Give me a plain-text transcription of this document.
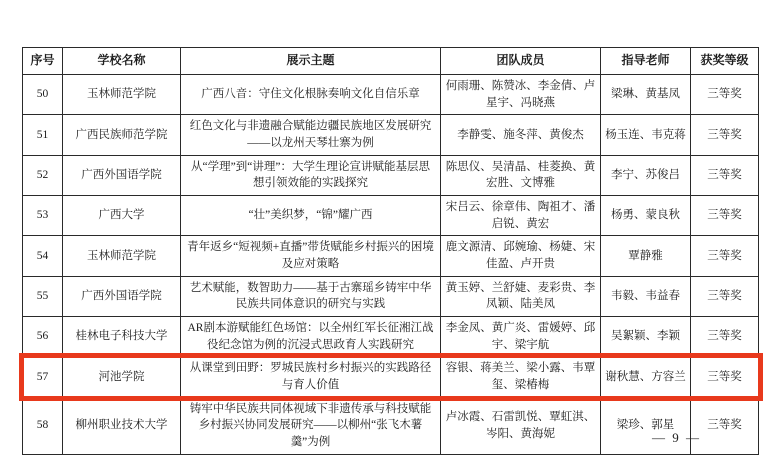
序号	学校名称	展示主题	团队成员	指导老师	获奖等级
50	玉林师范学院	广西八音：守住文化根脉奏响文化自信乐章	何雨珊、陈赞冰、李金倩、卢星宇、冯晓燕	梁琳、黄基凤	三等奖
51	广西民族师范学院	红色文化与非遗融合赋能边疆民族地区发展研究——以龙州天琴壮寨为例	李静雯、施冬萍、黄俊杰	杨玉连、韦克蒋	三等奖
52	广西外国语学院	从“学理”到“讲理”：大学生理论宣讲赋能基层思想引领效能的实践探究	陈思仪、吴清晶、桂菱换、黄宏胜、文博雅	李宁、苏俊吕	三等奖
53	广西大学	“壮”美织梦，“锦”耀广西	宋吕云、徐章伟、陶祖才、潘启锐、黄宏	杨勇、蒙良秋	三等奖
54	玉林师范学院	青年返乡“短视频+直播”带货赋能乡村振兴的困境及应对策略	鹿文源清、邱婉瑜、杨婕、宋佳盈、卢开贵	覃静雅	三等奖
55	广西外国语学院	艺术赋能，数智助力——基于古寨瑶乡铸牢中华民族共同体意识的研究与实践	黄玉婷、兰舒婕、麦彩贵、李凤颖、陆美凤	韦毅、韦益春	三等奖
56	桂林电子科技大学	AR剧本游赋能红色场馆：以全州红军长征湘江战役纪念馆为例的沉浸式思政育人实践研究	李金凤、黄广炎、雷媛婷、邱宇、梁宇航	吴絮颖、李颖	三等奖
57	河池学院	从课堂到田野：罗城民族村乡村振兴的实践路径与育人价值	容银、蒋美兰、梁小露、韦覃玺、梁椿梅	谢秋慧、方容兰	三等奖
58	柳州职业技术大学	铸牢中华民族共同体视域下非遗传承与科技赋能乡村振兴协同发展研究——以柳州“张飞木薯羹”为例	卢冰霞、石雷凯悦、覃虹淇、岑阳、黄海妮	梁珍、郭星	三等奖
— 9 —
